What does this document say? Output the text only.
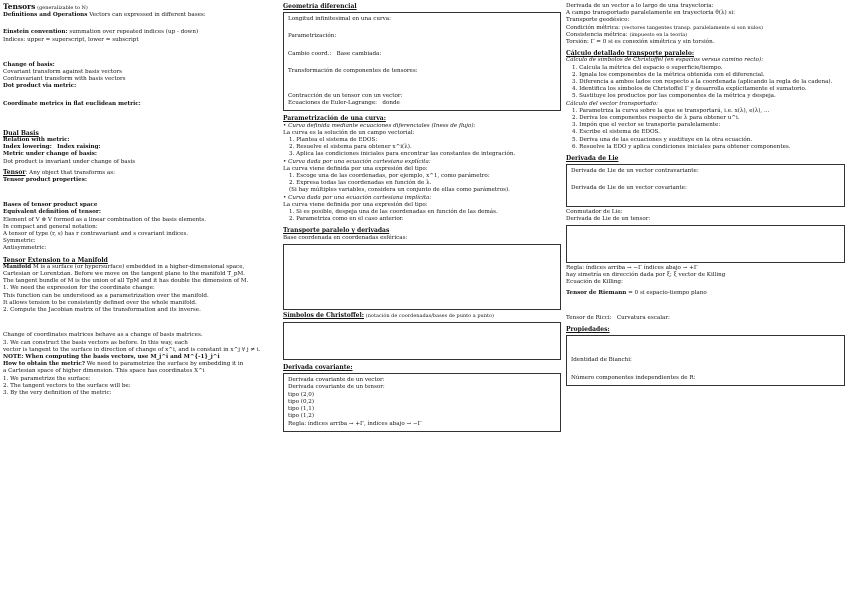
Tensors (generalizable to N)
Definitions and Operations Vectors can expressed in different bases:
Einstein convention: summation over repeated indices (up - down)
Indices: upper = superscript, lower = subscript
Change of basis:
Covariant transform against basis vectors
Contravariant transform with basis vectors
Dot product via metric:
Coordinate metrics in flat euclidean metric:
Dual Basis
Relation with metric:
Index lowering: Index raising:
Metric under change of basis:
Dot product is invariant under change of basis
Tensor: Any object that transforms as:
Tensor product properties:
Bases of tensor product space
Equivalent definition of tensor:
Element of V ⊗ V formed as a linear combination of the basis elements.
In compact and general notation:
A tensor of type (r, s) has r contravariant and s covariant indices.
Symmetric:
Antisymmetric:
Tensor Extension to a Manifold
Manifold M is a surface (or hypersurface) embedded in a higher-dimensional space, Cartesian or Lorentzian. Before we move on the tangent plane to the manifold T_pM.
The tangent bundle of M is the union of all TpM and it has double the dimension of M.
1. We need the expression for the coordinate change:
This function can be understood as a parametrization over the manifold.
It allows tension to be consistently defined over the whole manifold.
2. Compute the Jacobian matrix of the transformation and its inverse.
Change of coordinates matrices behave as a change of basis matrices.
3. We can construct the basis vectors as before. In this way, each
vector is tangent to the surface in direction of change of x^i, and is constant in x^j ∀ j ≠ i.
NOTE: When computing the basis vectors, use M_j^i and M^{-1}_j^i
How to obtain the metric? We need to parametrize the surface by embedding it in
a Cartesian space of higher dimension. This space has coordinates X^i
1. We parametrize the surface:
2. The tangent vectors to the surface will be:
3. By the very definition of the metric:
Geometría diferencial
Longitud infinitesimal en una curva:
Parametrización:
Cambio coord.: Base cambiada:
Transformación de componentes de tensores:
Contracción de un tensor con un vector:
Ecuaciones de Euler-Lagrange: donde
Parametrización de una curva:
• Curva definida mediante ecuaciones diferenciales (Iness de flujo):
La curva es la solución de un campo vectorial:
1. Plantea el sistema de EDOS:
2. Resuelve el sistema para obtener x^i(λ).
3. Aplica las condiciones iniciales para encontrar las constantes de integración.
• Curva dada por una ecuación cartesiana explícita:
La curva viene definida por una expresión del tipo:
1. Escoge una de las coordenadas, por ejemplo, x^1, como parámetro:
2. Expresa todas las coordenadas en función de λ.
(Si hay múltiples variables, considera un conjunto de ellas como parámetros).
• Curva dada por una ecuación cartesiana implícita:
La curva viene definida por una expresión del tipo:
1. Si es posible, despeja una de las coordenadas en función de las demás.
2. Parametriza como en el caso anterior.
Transporte paralelo y derivadas
Base coordenada en coordenadas esféricas:
Símbolos de Christoffel: (notación de coordenadas/bases de punto a punto)
Derivada covariante:
Derivada covariante de un vector:
Derivada covariante de un tensor:
tipo (2,0)
tipo (0,2)
tipo (1,1)
tipo (1,2)
Regla: índices arriba → +Γ, índices abajo → −Γ
Derivada de un vector a lo largo de una trayectoria:
A campo transportado paralelamente en trayectoria θ(λ) si:
Transporte geodésico:
Condición métrica: (vectores tangentes transp. paralelamente si son nulos)
Consistencia métrica: (impuesto en la teoría)
Torsión: Γ = 0 si es conexión simétrica y sin torsión.
Cálculo detallado transporte paralelo:
Cálculo de símbolos de Christoffel (en espacios versus camino recto):
1. Calcula la métrica del espacio o superficie/tiempo.
2. Ignala los componentes de la métrica obtenida con el diferencial.
3. Diferencia a ambos lados con respecto a la coordenada (aplicando la regla de la cadena).
4. Identifica los símbolos de Christoffel Γ y desarrolla explícitamente el sumatorio.
5. Sustituye los productos por las componentes de la métrica y despeja.
Cálculo del vector transportado:
1. Parametriza la curva sobre la que se transportará, i.e. x(λ), e(λ), ...
2. Deriva los componentes respecto de λ para obtener u^i.
3. Impón que el vector se transporte paralelamente:
4. Escribe el sistema de EDOS.
5. Deriva una de las ecuaciones y sustituye en la otra ecuación.
6. Resuelve la EDO y aplica condiciones iniciales para obtener componentes.
Derivada de Lie
Derivada de Lie de un vector contravariante:
Derivada de Lie de un vector covariante:
Conmutador de Lie:
Derivada de Lie de un tensor:
Regla: índices arriba → −Γ índices abajo → +Γ
hay simetría en dirección dada por ξ; ξ vector de Killing
Ecuación de Killing:
Tensor de Riemann = 0 si espacio-tiempo plano
Tensor de Ricci: Curvatura escalar:
Propiedades:
Identidad de Bianchi:
Número componentes independientes de R:
